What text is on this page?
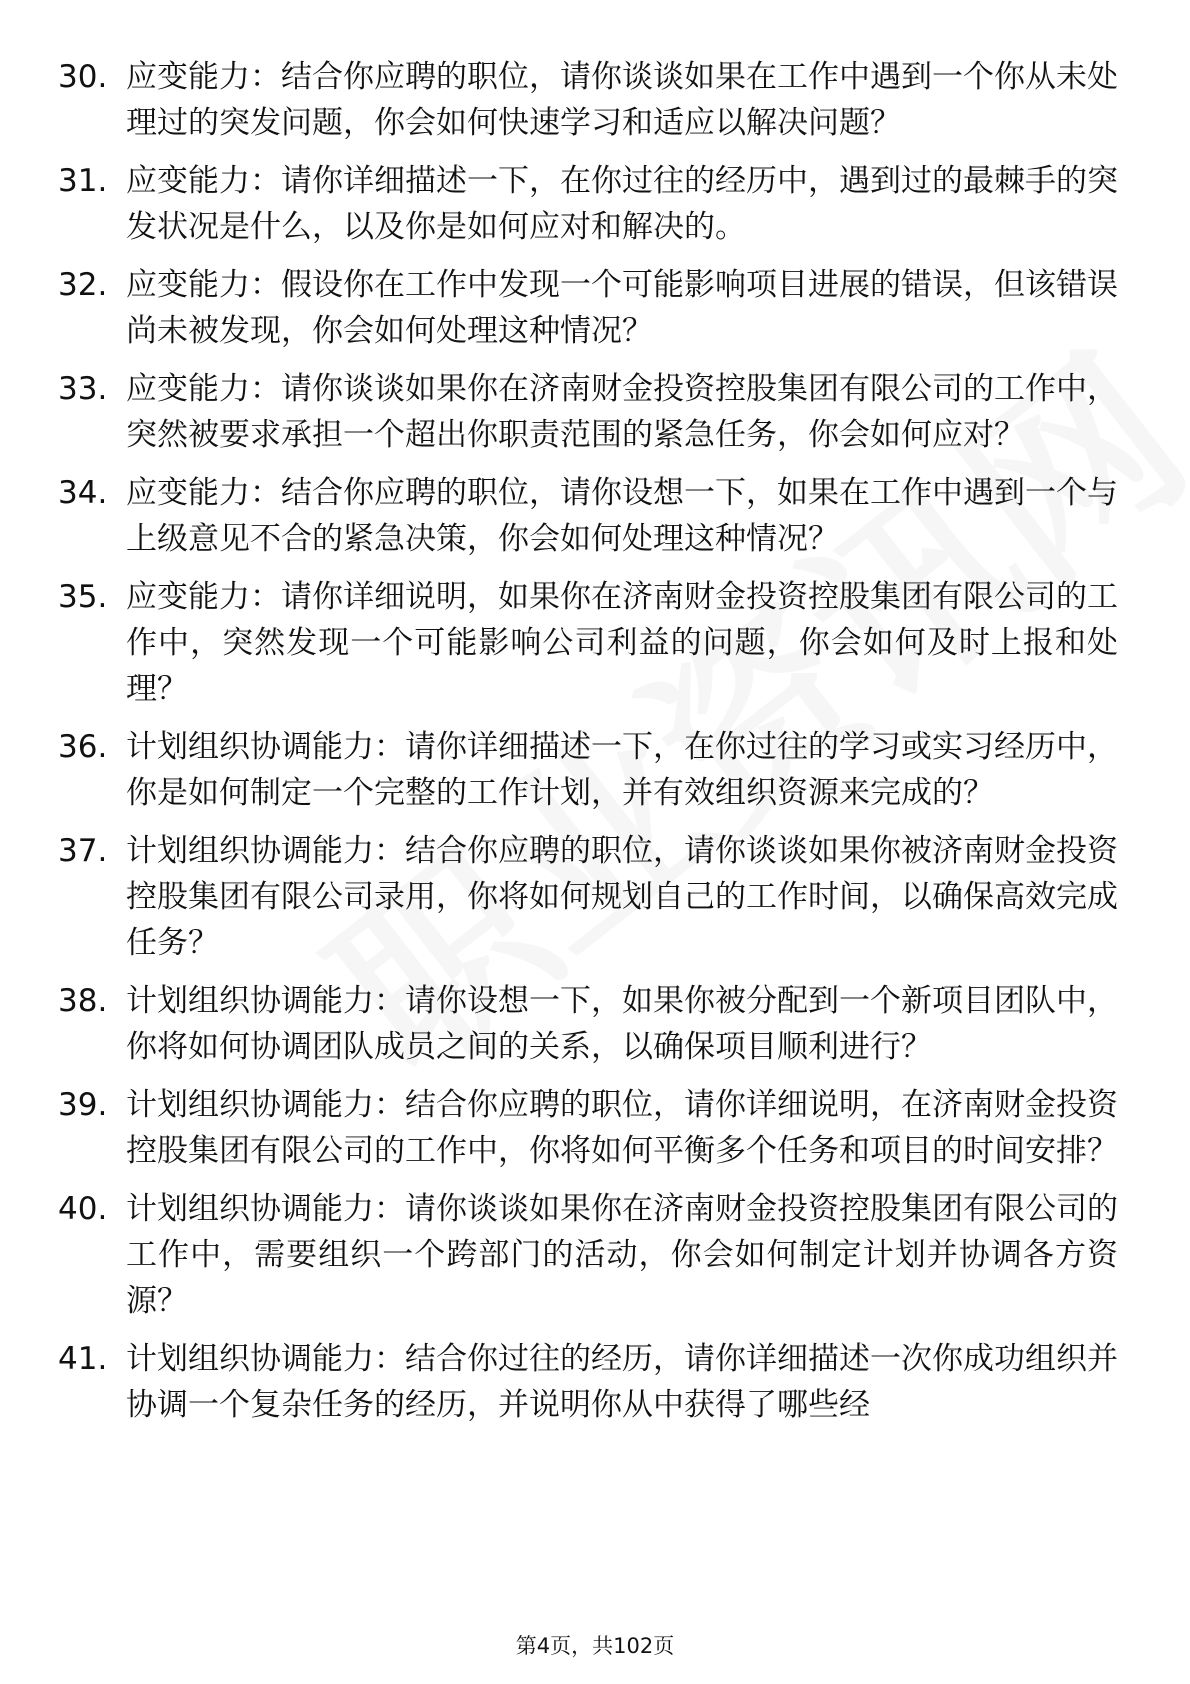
30. 应变能力：结合你应聘的职位，请你谈谈如果在工作中遇到一个你从未处理过的突发问题，你会如何快速学习和适应以解决问题？
31. 应变能力：请你详细描述一下，在你过往的经历中，遇到过的最棘手的突发状况是什么，以及你是如何应对和解决的。
32. 应变能力：假设你在工作中发现一个可能影响项目进展的错误，但该错误尚未被发现，你会如何处理这种情况？
33. 应变能力：请你谈谈如果你在济南财金投资控股集团有限公司的工作中，突然被要求承担一个超出你职责范围的紧急任务，你会如何应对？
34. 应变能力：结合你应聘的职位，请你设想一下，如果在工作中遇到一个与上级意见不合的紧急决策，你会如何处理这种情况？
35. 应变能力：请你详细说明，如果你在济南财金投资控股集团有限公司的工作中，突然发现一个可能影响公司利益的问题，你会如何及时上报和处理？
36. 计划组织协调能力：请你详细描述一下，在你过往的学习或实习经历中，你是如何制定一个完整的工作计划，并有效组织资源来完成的？
37. 计划组织协调能力：结合你应聘的职位，请你谈谈如果你被济南财金投资控股集团有限公司录用，你将如何规划自己的工作时间，以确保高效完成任务？
38. 计划组织协调能力：请你设想一下，如果你被分配到一个新项目团队中，你将如何协调团队成员之间的关系，以确保项目顺利进行？
39. 计划组织协调能力：结合你应聘的职位，请你详细说明，在济南财金投资控股集团有限公司的工作中，你将如何平衡多个任务和项目的时间安排？
40. 计划组织协调能力：请你谈谈如果你在济南财金投资控股集团有限公司的工作中，需要组织一个跨部门的活动，你会如何制定计划并协调各方资源？
41. 计划组织协调能力：结合你过往的经历，请你详细描述一次你成功组织并协调一个复杂任务的经历，并说明你从中获得了哪些经
第4页，共102页
